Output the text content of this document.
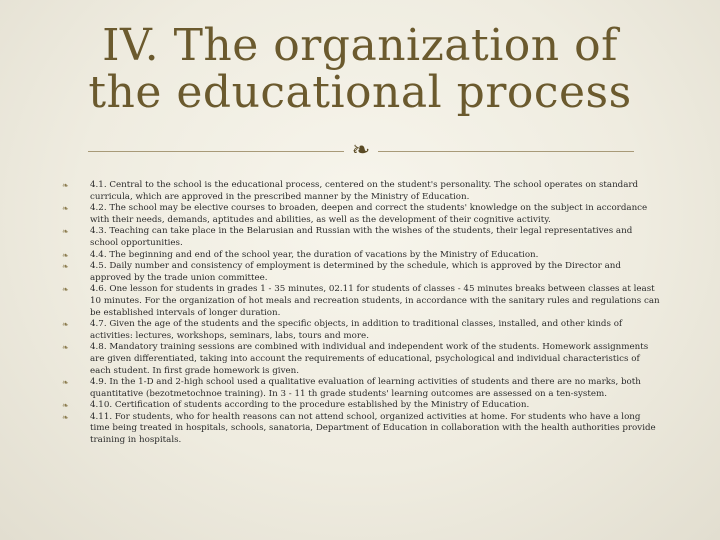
IV. The organization of the educational process
❧
❧	4.1. Central to the school is the educational process, centered on the student's personality. The school operates on standard curricula, which are approved in the prescribed manner by the Ministry of Education.
❧	4.2. The school may be elective courses to broaden, deepen and correct the students' knowledge on the subject in accordance with their needs, demands, aptitudes and abilities, as well as the development of their cognitive activity.
❧	4.3. Teaching can take place in the Belarusian and Russian with the wishes of the students, their legal representatives and school opportunities.
❧	4.4. The beginning and end of the school year, the duration of vacations by the Ministry of Education.
❧	4.5. Daily number and consistency of employment is determined by the schedule, which is approved by the Director and approved by the trade union committee.
❧	4.6. One lesson for students in grades 1 - 35 minutes, 02.11 for students of classes - 45 minutes breaks between classes at least 10 minutes. For the organization of hot meals and recreation students, in accordance with the sanitary rules and regulations can be established intervals of longer duration.
❧	4.7. Given the age of the students and the specific objects, in addition to traditional classes, installed, and other kinds of activities: lectures, workshops, seminars, labs, tours and more.
❧	4.8. Mandatory training sessions are combined with individual and independent work of the students. Homework assignments are given differentiated, taking into account the requirements of educational, psychological and individual characteristics of each student. In first grade homework is given.
❧	4.9. In the 1-D and 2-high school used a qualitative evaluation of learning activities of students and there are no marks, both quantitative (bezotmetochnoe training). In 3 - 11 th grade students' learning outcomes are assessed on a ten-system.
❧	4.10. Certification of students according to the procedure established by the Ministry of Education.
❧	4.11. For students, who for health reasons can not attend school, organized activities at home. For students who have a long time being treated in hospitals, schools, sanatoria, Department of Education in collaboration with the health authorities provide training in hospitals.
